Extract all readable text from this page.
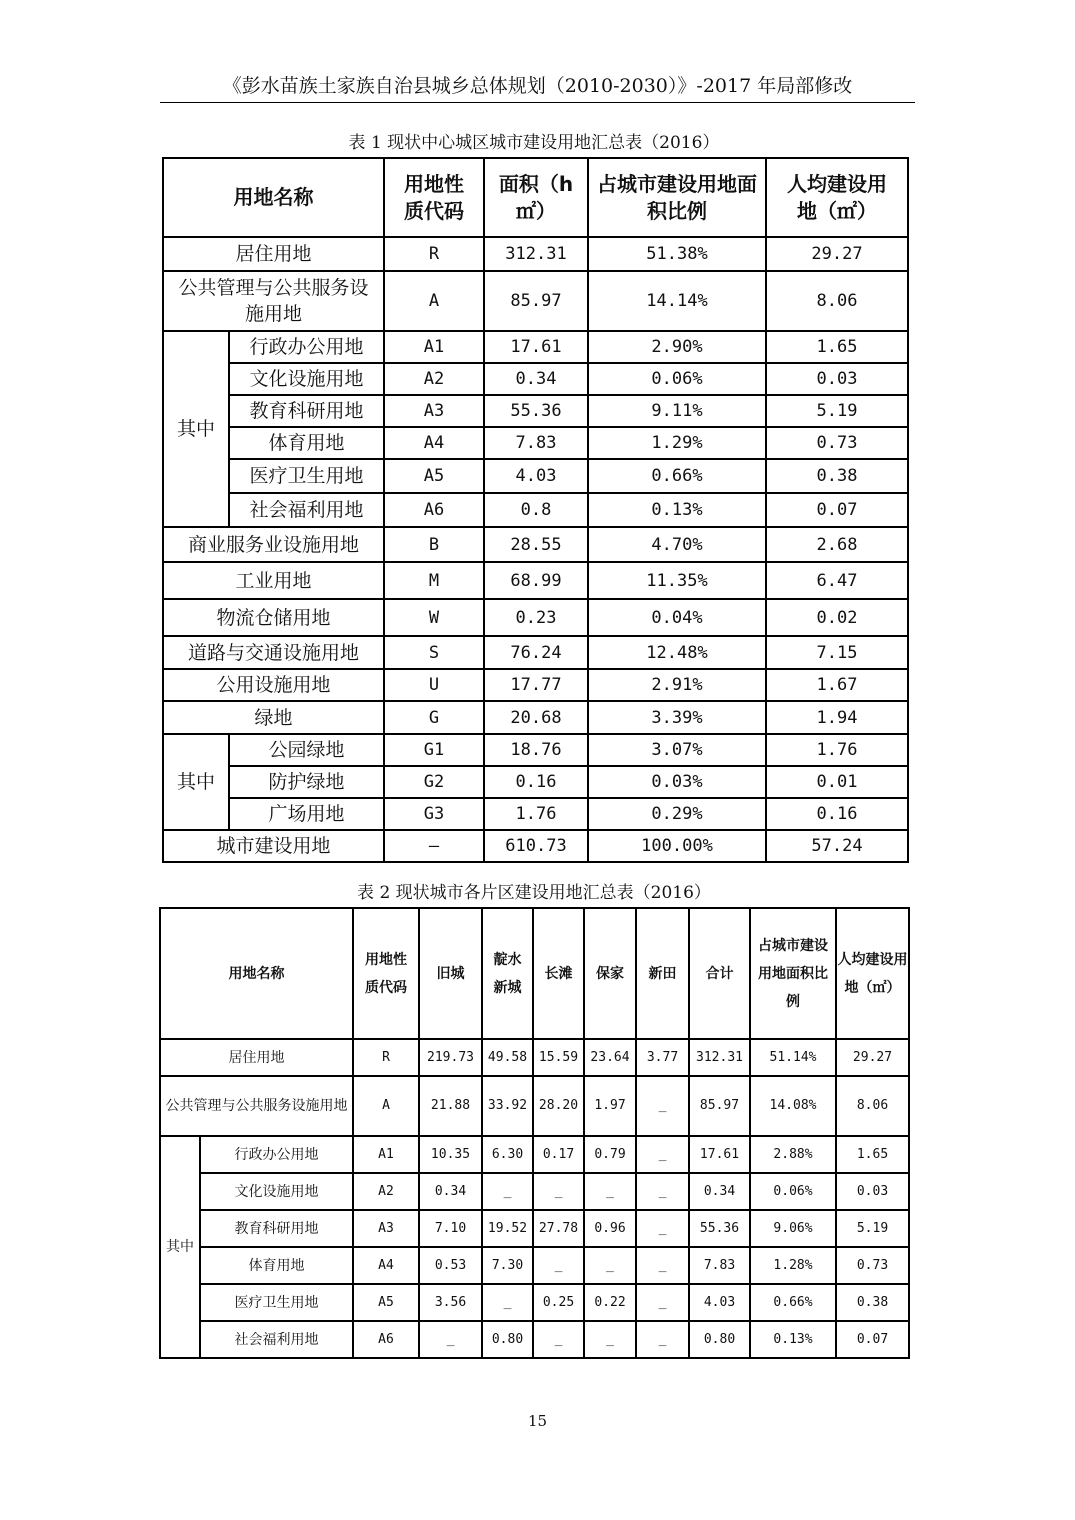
《彭水苗族土家族自治县城乡总体规划（2010-2030）》-2017 年局部修改
表 1 现状中心城区城市建设用地汇总表（2016）
用地名称		用地性质代码	面积（h ㎡）	占城市建设用地面积比例	人均建设用地（㎡）

居住用地		R	312.31	51.38%	29.27

公共管理与公共服务设施用地		A	85.97	14.14%	8.06
其中	行政办公用地	A1	17.61	2.90%	1.65
	文化设施用地	A2	0.34	0.06%	0.03
	教育科研用地	A3	55.36	9.11%	5.19
	体育用地	A4	7.83	1.29%	0.73
	医疗卫生用地	A5	4.03	0.66%	0.38
	社会福利用地	A6	0.8	0.13%	0.07
商业服务业设施用地		B	28.55	4.70%	2.68
工业用地		M	68.99	11.35%	6.47
物流仓储用地		W	0.23	0.04%	0.02
道路与交通设施用地		S	76.24	12.48%	7.15
公用设施用地		U	17.77	2.91%	1.67
绿地		G	20.68	3.39%	1.94
其中	公园绿地	G1	18.76	3.07%	1.76
	防护绿地	G2	0.16	0.03%	0.01
	广场用地	G3	1.76	0.29%	0.16
城市建设用地		—	610.73	100.00%	57.24
表 2 现状城市各片区建设用地汇总表（2016）
用地名称		用地性质代码	旧城	靛水新城	长滩	保家	新田	合计	占城市建设用地面积比例	人均建设用地（㎡）

居住用地		R	219.73	49.58	15.59	23.64	3.77	312.31	51.14%	29.27

公共管理与公共服务设施用地		A	21.88	33.92	28.20	1.97	_	85.97	14.08%	8.06
其中	行政办公用地	A1	10.35	6.30	0.17	0.79	_	17.61	2.88%	1.65
	文化设施用地	A2	0.34	_	_	_	_	0.34	0.06%	0.03
	教育科研用地	A3	7.10	19.52	27.78	0.96	_	55.36	9.06%	5.19
	体育用地	A4	0.53	7.30	_	_	_	7.83	1.28%	0.73
	医疗卫生用地	A5	3.56	_	0.25	0.22	_	4.03	0.66%	0.38
	社会福利用地	A6	_	0.80	_	_	_	0.80	0.13%	0.07
15
